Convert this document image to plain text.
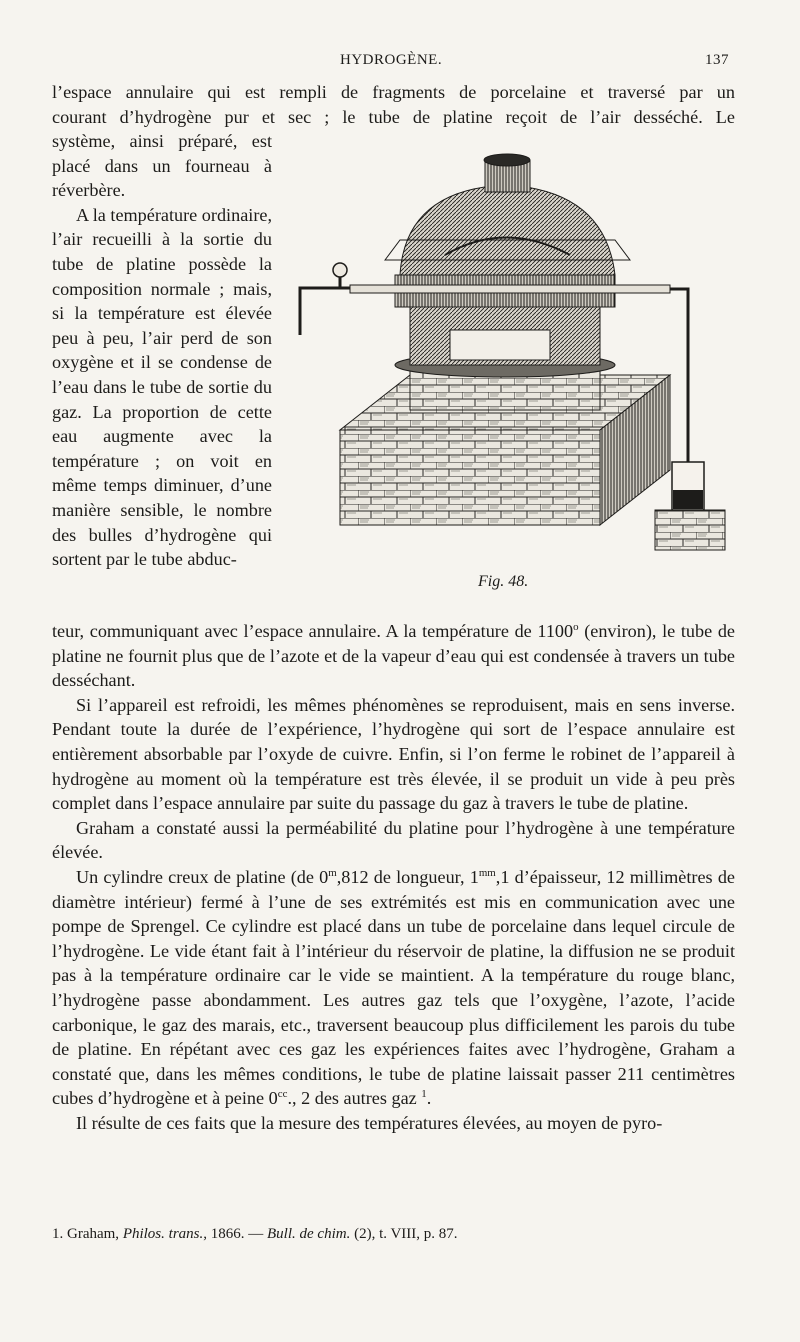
HYDROGÈNE.	137

l’espace annulaire qui est rempli de fragments de porcelaine et traversé par un

courant d’hydrogène pur et sec ; le tube de platine reçoit de l’air desséché. Le

système, ainsi préparé, est placé dans un fourneau à réverbère.

A la température ordinaire, l’air recueilli à la sortie du tube de platine possède la composition normale ; mais, si la température est élevée peu à peu, l’air perd de son oxygène et il se condense de l’eau dans le tube de sortie du gaz. La proportion de cette eau augmente avec la température ; on voit en même temps diminuer, d’une manière sensible, le nombre des bulles d’hydrogène qui sortent par le tube abduc-

Fig. 48.

teur, communiquant avec l’espace annulaire. A la température de 1100$^o$ (environ), le tube de platine ne fournit plus que de l’azote et de la vapeur d’eau qui est condensée à travers un tube desséchant.

Si l’appareil est refroidi, les mêmes phénomènes se reproduisent, mais en sens inverse. Pendant toute la durée de l’expérience, l’hydrogène qui sort de l’espace annulaire est entièrement absorbable par l’oxyde de cuivre. Enfin, si l’on ferme le robinet de l’appareil à hydrogène au moment où la température est très élevée, il se produit un vide à peu près complet dans l’espace annulaire par suite du passage du gaz à travers le tube de platine.

Graham a constaté aussi la perméabilité du platine pour l’hydrogène à une température élevée.

Un cylindre creux de platine (de 0$^m$,812 de longueur, $1^{mm},1$ d’épaisseur, 12 millimètres de diamètre intérieur) fermé à l’une de ses extrémités est mis en communication avec une pompe de Sprengel. Ce cylindre est placé dans un tube de porcelaine dans lequel circule de l’hydrogène. Le vide étant fait à l’intérieur du réservoir de platine, la diffusion ne se produit pas à la température ordinaire car le vide se maintient. A la température du rouge blanc, l’hydrogène passe abondamment. Les autres gaz tels que l’oxygène, l’azote, l’acide carbonique, le gaz des marais, etc., traversent beaucoup plus difficilement les parois du tube de platine. En répétant avec ces gaz les expériences faites avec l’hydrogène, Graham a constaté que, dans les mêmes conditions, le tube de platine laissait passer 211 centimètres cubes d’hydrogène et à peine $0^{cc}$., 2 des autres gaz $^1$.

Il résulte de ces faits que la mesure des températures élevées, au moyen de pyro-

1. Graham, Philos. trans., 1866. — Bull. de chim. (2), t. VIII, p. 87.
